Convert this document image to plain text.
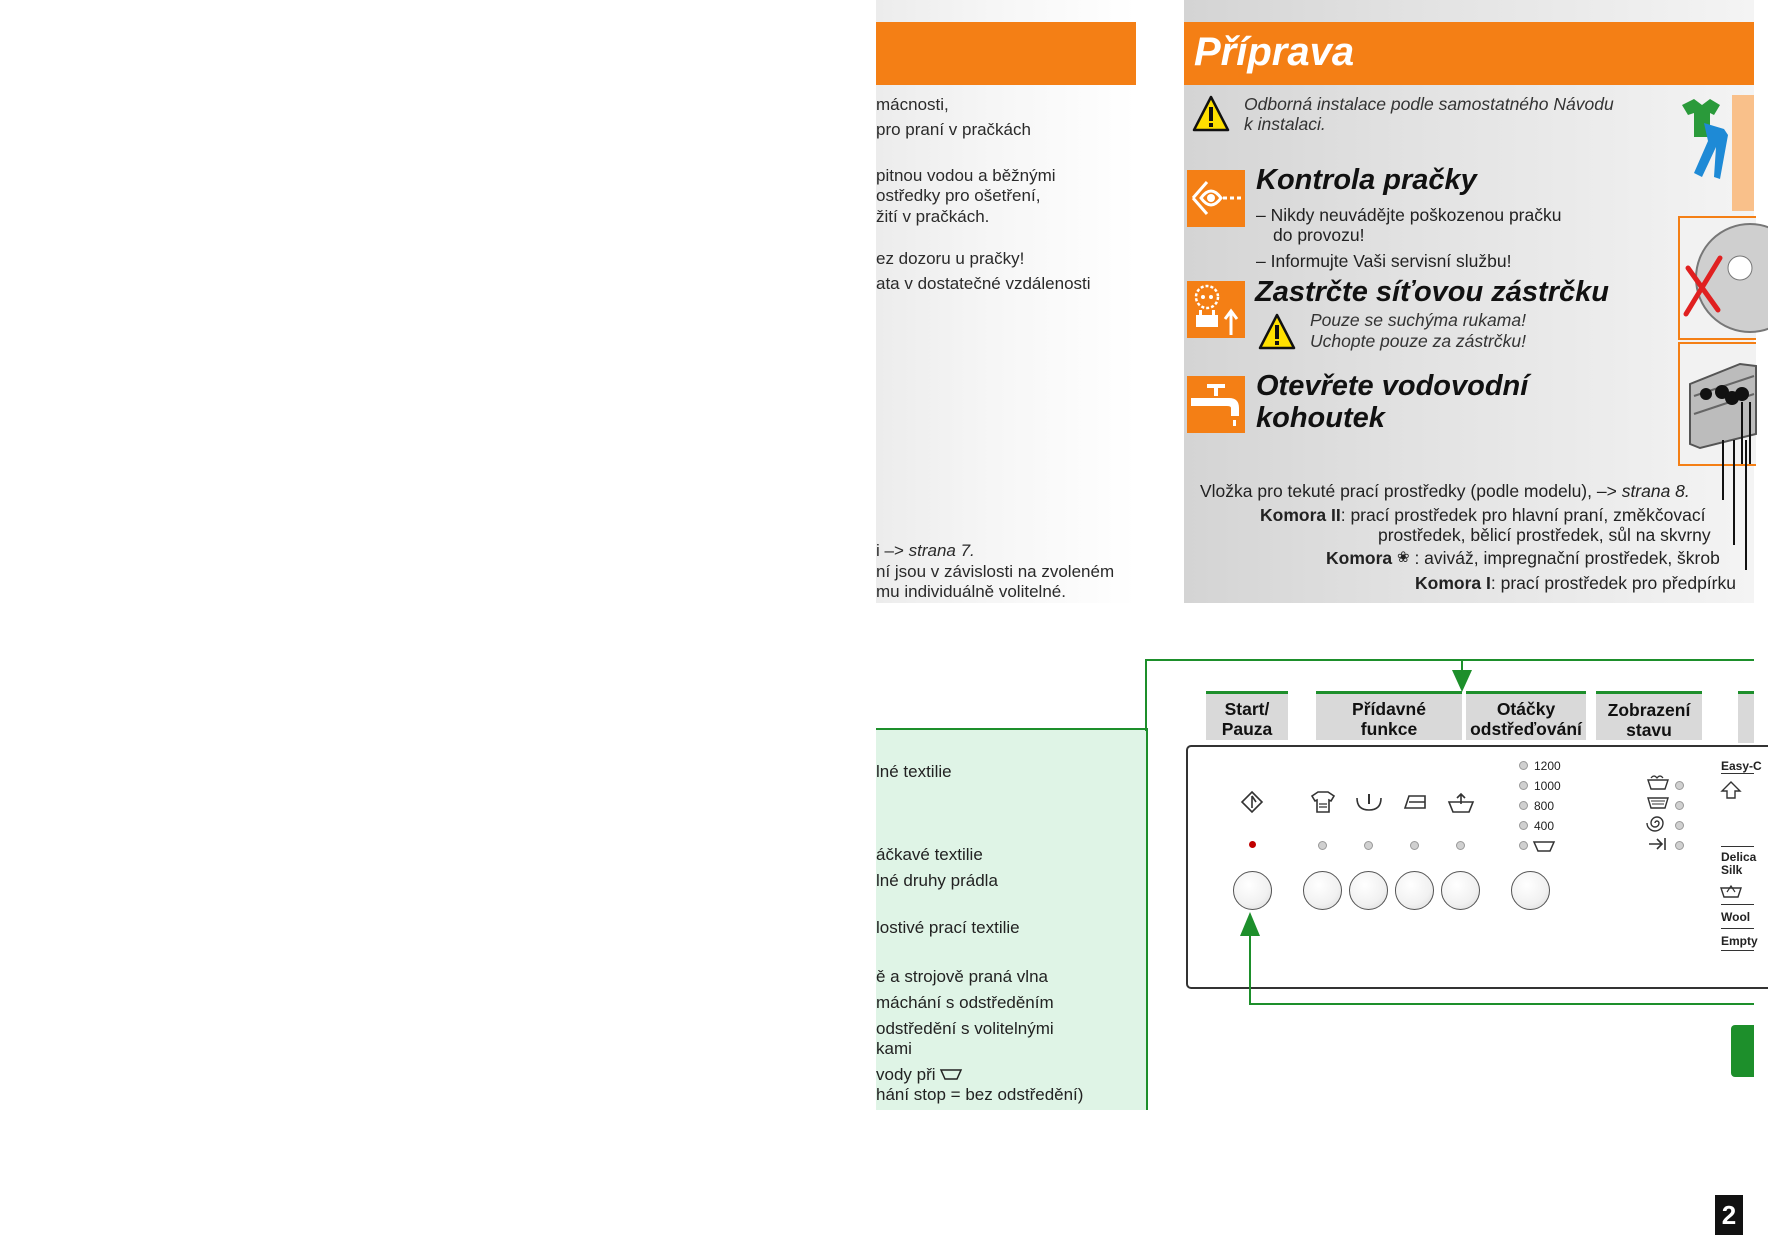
Příprava
mácnosti,
pro praní v pračkách
pitnou vodou a běžnými
ostředky pro ošetření,
žití v pračkách.
ez dozoru u pračky!
ata v dostatečné vzdálenosti
i –> strana 7.
ní jsou v závislosti na zvoleném
mu individuálně volitelné.
Odborná instalace podle samostatného Návodu
k instalaci.
Kontrola pračky
– Nikdy neuvádějte poškozenou pračku
do provozu!
– Informujte Vaši servisní službu!
Zastrčte síťovou zástrčku
Pouze se suchýma rukama!
Uchopte pouze za zástrčku!
Otevřete vodovodní
kohoutek
Vložka pro tekuté prací prostředky (podle modelu), –> strana 8.
Komora II: prací prostředek pro hlavní praní, změkčovací
prostředek, bělicí prostředek, sůl na skvrny
Komora ❀ : aviváž, impregnační prostředek, škrob
Komora I: prací prostředek pro předpírku
lné textilie
áčkavé textilie
lné druhy prádla
lostivé prací textilie
ě a strojově praná vlna
máchání s odstředěním
odstředění s volitelnými
kami
vody při
hání stop = bez odstředění)
Start/
Pauza
Přídavné
funkce
Otáčky
odstřeďování
Zobrazení
stavu
1200
1000
800
400
Easy-C
Delica
Silk
Wool
Empty
2
